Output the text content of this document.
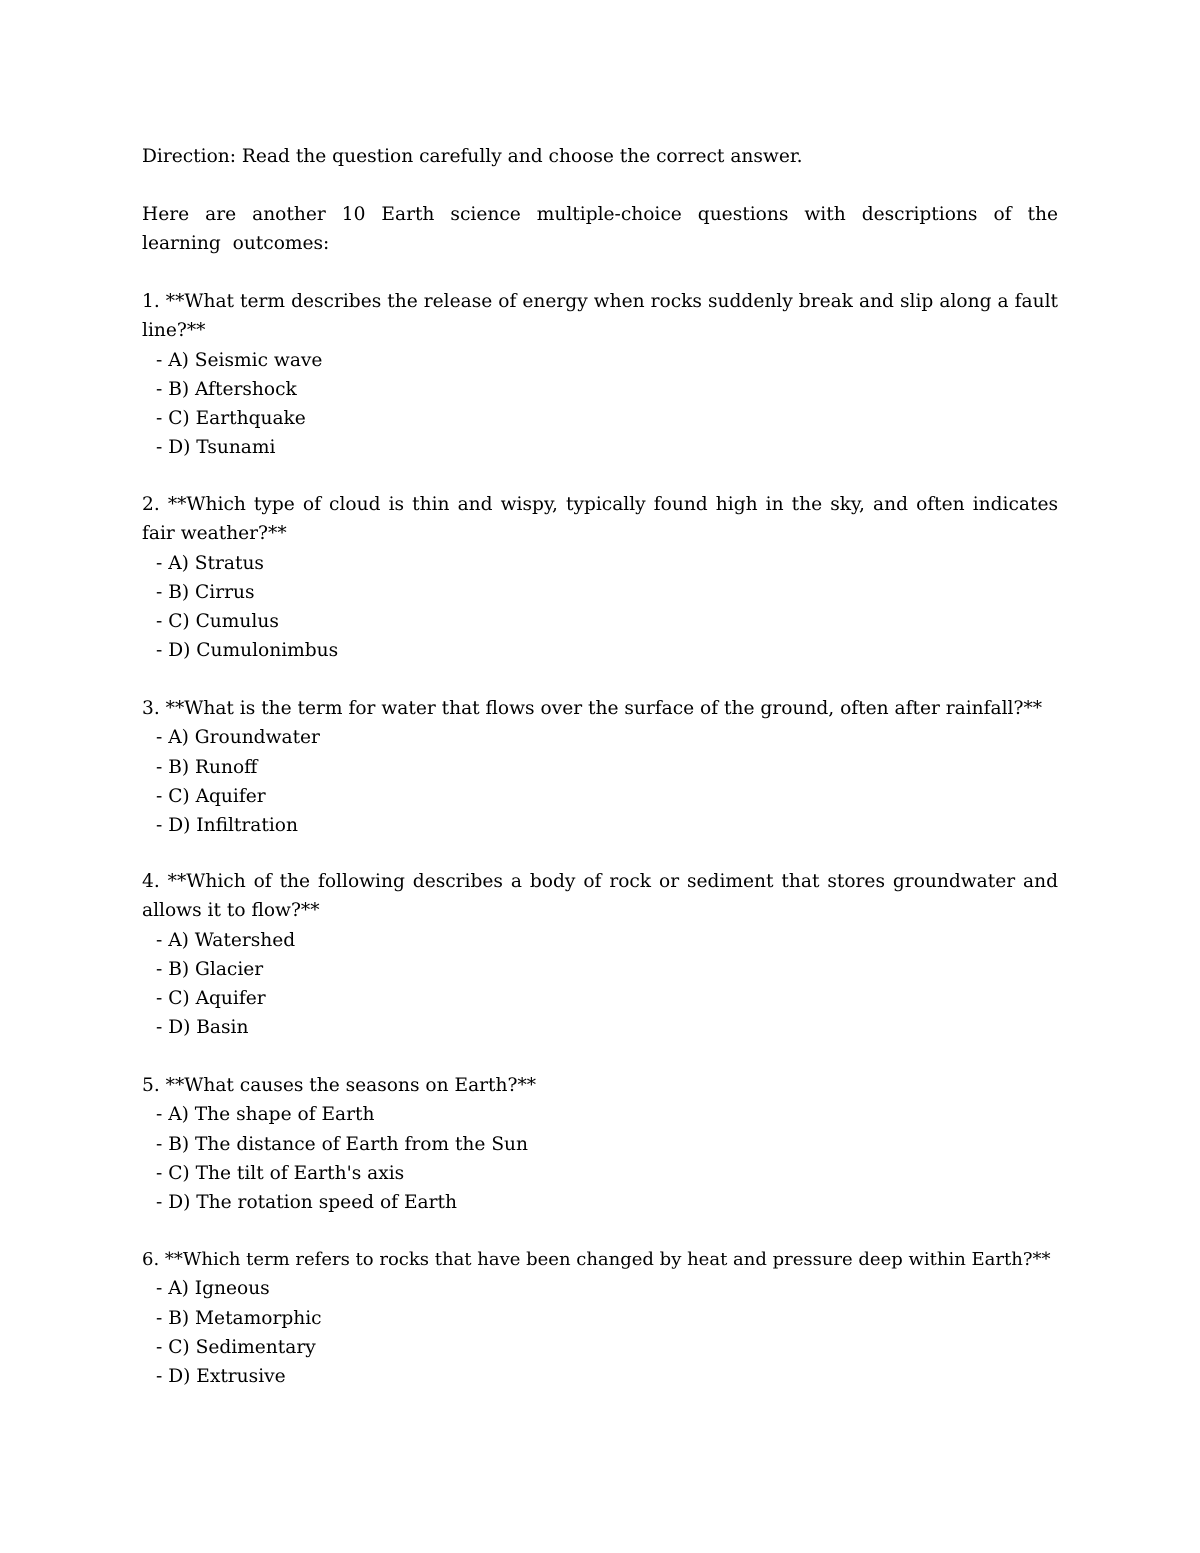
Direction: Read the question carefully and choose the correct answer.

Here are another 10 Earth science multiple-choice questions with descriptions of the learning outcomes:

1. **What term describes the release of energy when rocks suddenly break and slip along a fault line?**

- A) Seismic wave
- B) Aftershock
- C) Earthquake
- D) Tsunami

2. **Which type of cloud is thin and wispy, typically found high in the sky, and often indicates fair weather?**

- A) Stratus
- B) Cirrus
- C) Cumulus
- D) Cumulonimbus

3. **What is the term for water that flows over the surface of the ground, often after rainfall?**

- A) Groundwater
- B) Runoff
- C) Aquifer
- D) Infiltration

4. **Which of the following describes a body of rock or sediment that stores groundwater and allows it to flow?**

- A) Watershed
- B) Glacier
- C) Aquifer
- D) Basin

5. **What causes the seasons on Earth?**

- A) The shape of Earth
- B) The distance of Earth from the Sun
- C) The tilt of Earth's axis
- D) The rotation speed of Earth

6. **Which term refers to rocks that have been changed by heat and pressure deep within Earth?**

- A) Igneous
- B) Metamorphic
- C) Sedimentary
- D) Extrusive
